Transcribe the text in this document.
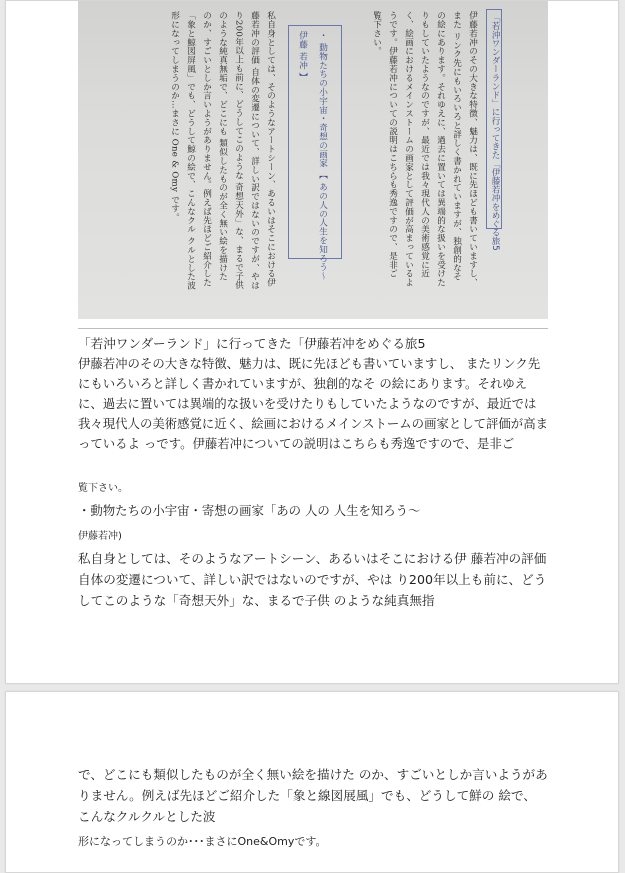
「若沖ワンダーランド」に行ってきた「伊藤若冲をめぐる旅5
伊藤若冲のその大きな特徴、魅力は、既に先ほども書いていますし、
また リンク先にもいろいろと詳しく書かれていますが、独創的なそ
の絵にあります。それゆえに、過去に置いては異端的な扱いを受けた
りもしていたようなのですが、最近では我々現代人の美術感覚に近
く、絵画におけるメインストームの画家として評価が高まっているよ
うです。伊藤若冲についての説明はこちらも秀逸ですので、是非ご
覧下さい。
・ 動物たちの小宇宙・奇想の画家 【 あの人の人生を知ろう〜
伊藤 若冲 】
私自身としては、そのようなアートシーン、あるいはそこにおける伊
藤若冲の評価 自体の変遷について、詳しい訳ではないのですが、やは
り200年以上も前に、どうしてこのような 奇想天外」な、まるで子供
のような純真無垢で、どこにも 類似したものが全く無い絵を描けた
のか、すごいとしか言いようがありません。例えば先ほどご紹介した
「象と鯨図屏風」でも、どうして鯨の絵で、こんなクル クルとした波
形になってしまうのか…まさに One & Omy です。
「若沖ワンダーランド」に行ってきた「伊藤若冲をめぐる旅5
伊藤若冲のその大きな特徴、魅力は、既に先ほども書いていますし、 またリンク先にもいろいろと詳しく書かれていますが、独創的なそ の絵にあります。それゆえに、過去に置いては異端的な扱いを受けたりもしていたようなのですが、最近では我々現代人の美術感覚に近く、絵画におけるメインストームの画家として評価が高まっているよ っです。伊藤若冲についての説明はこちらも秀逸ですので、是非ご
覧下さい。
・動物たちの小宇宙・寄想の画家「あの 人の 人生を知ろう〜
伊藤若冲)
私自身としては、そのようなアートシーン、あるいはそこにおける伊 藤若冲の評価自体の変遷について、詳しい訳ではないのですが、やは り200年以上も前に、どうしてこのような「奇想天外」な、まるで子供 のような純真無指
で、どこにも類似したものが全く無い絵を描けた のか、すごいとしか言いようがありません。例えば先ほどご紹介した「象と線図展風」でも、どうして鮮の 絵で、こんなクルクルとした波
形になってしまうのか･･･まさにOne&Omyです。
